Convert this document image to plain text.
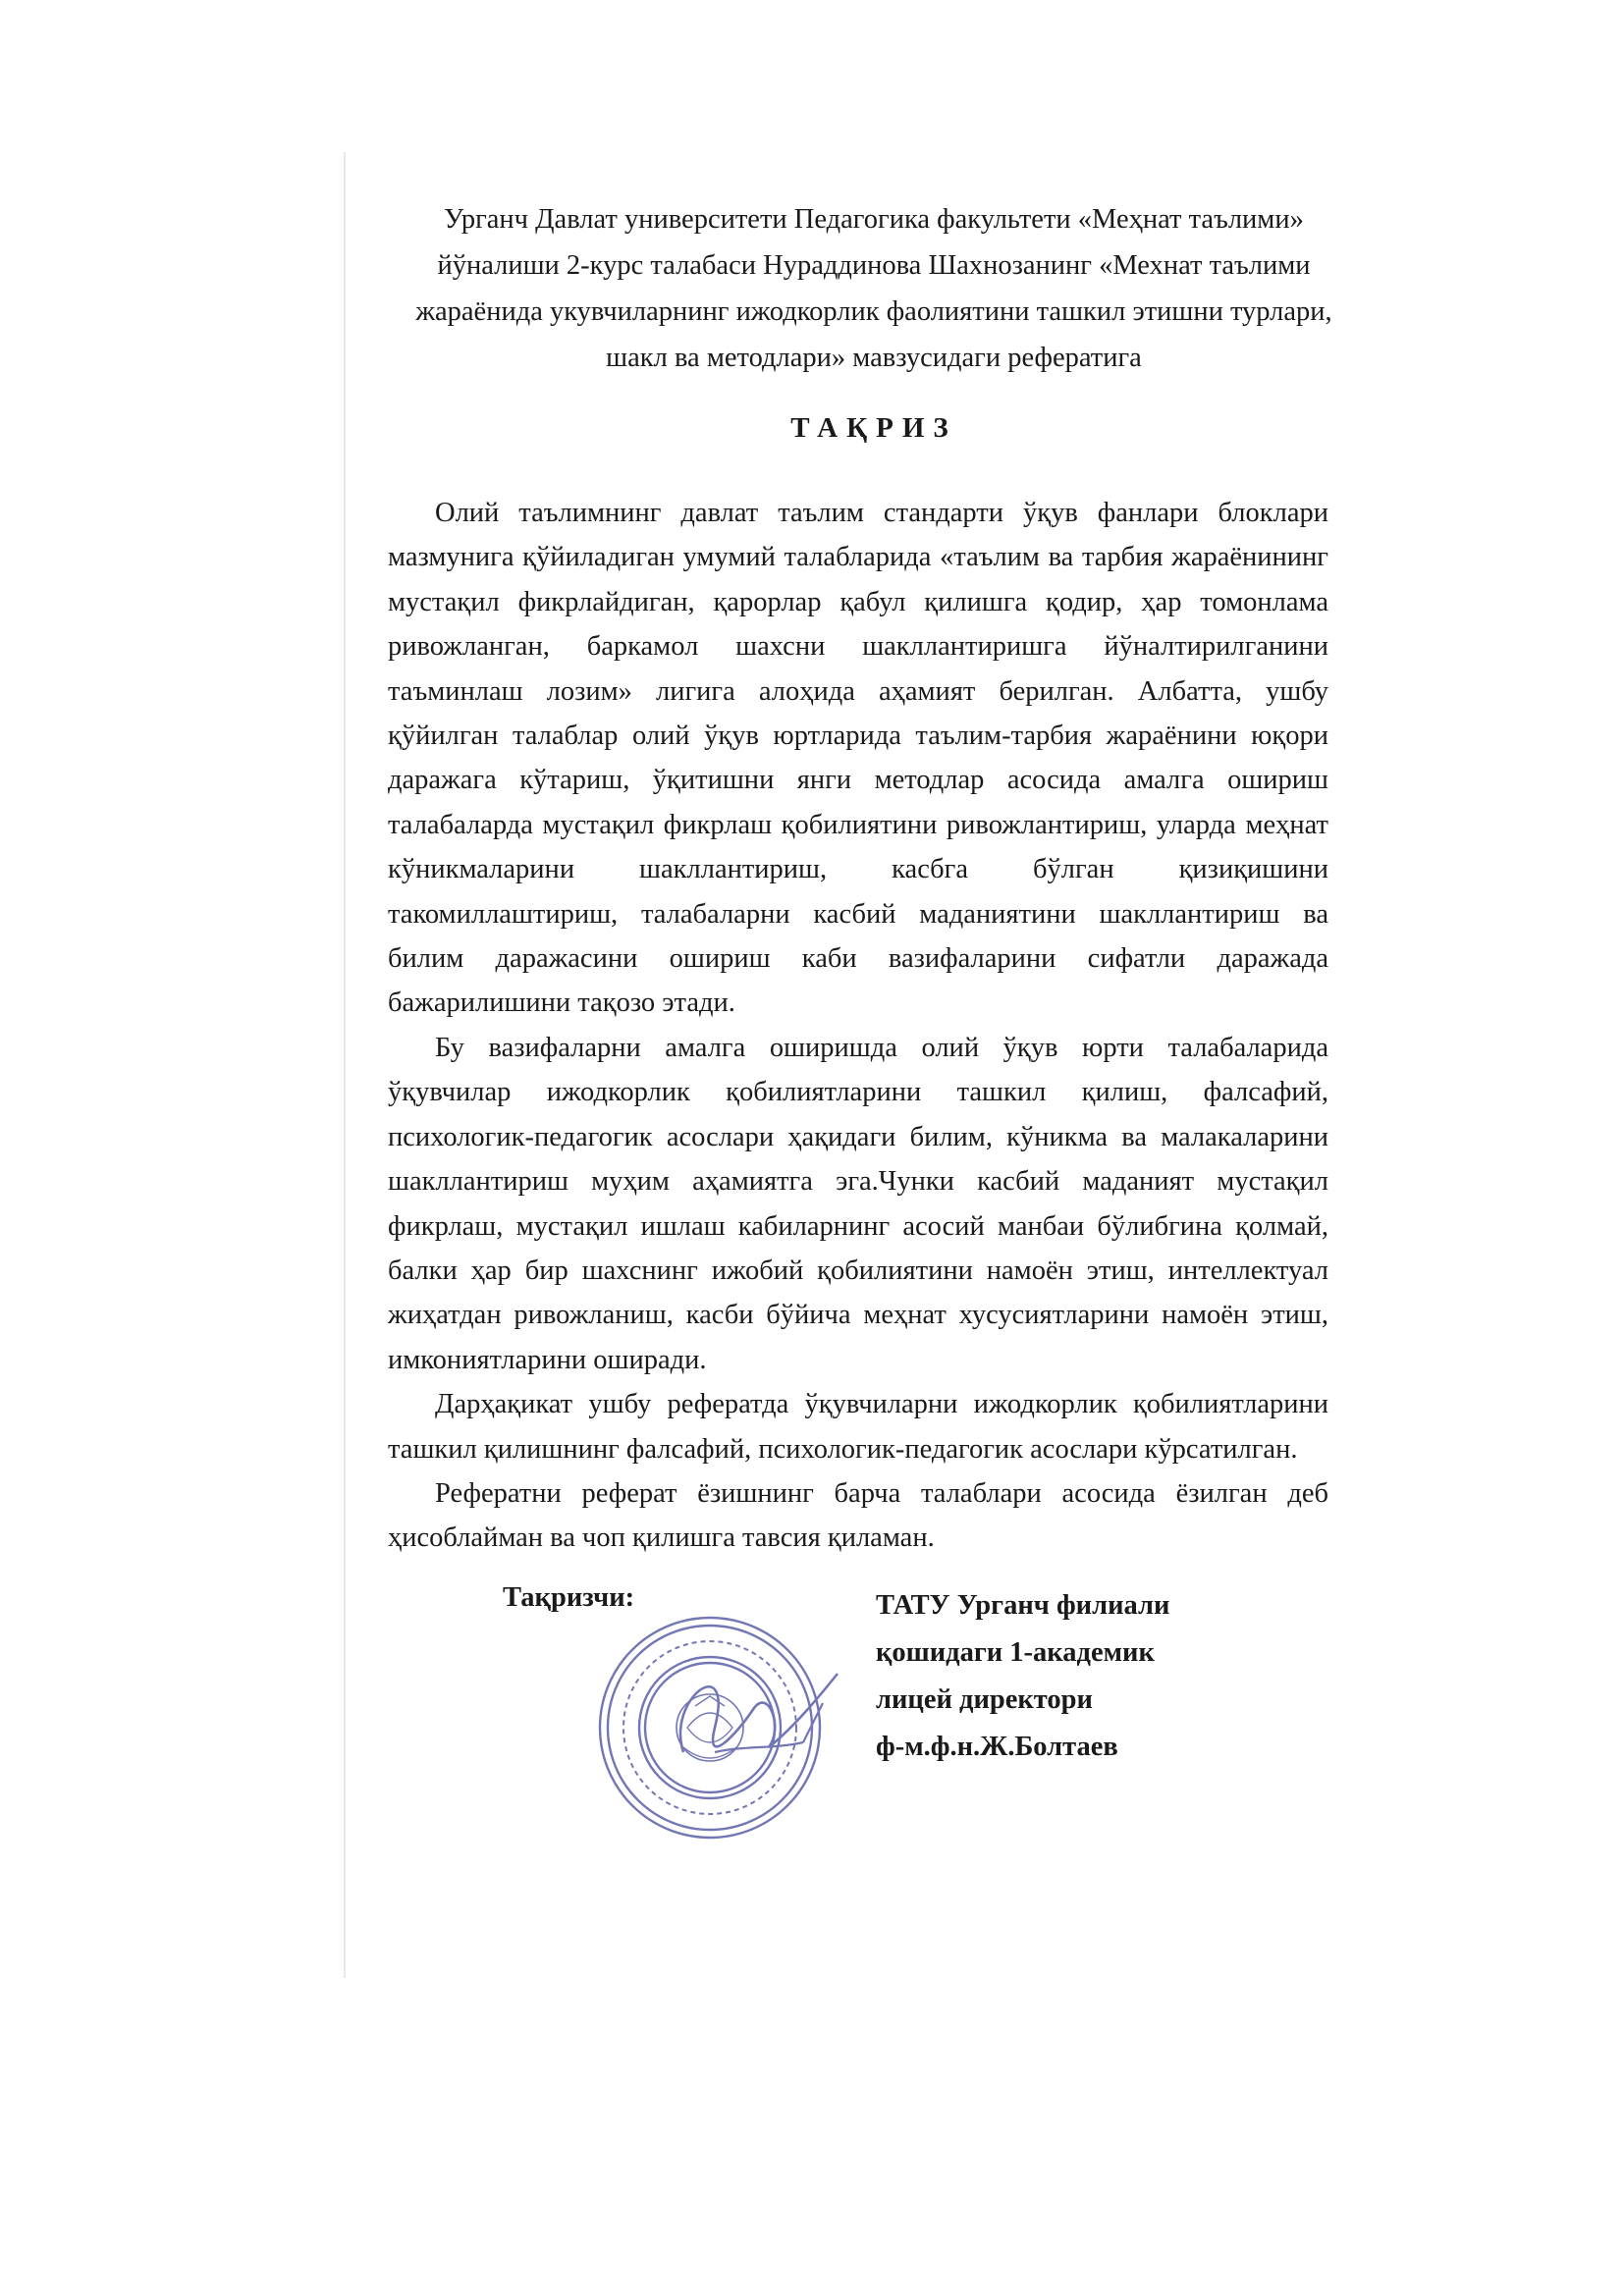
Урганч Давлат университети Педагогика факультети «Меҳнат таълими»
йўналиши 2-курс талабаси Нураддинова Шахнозанинг «Мехнат таълими
жараёнида укувчиларнинг ижодкорлик фаолиятини ташкил этишни турлари,
шакл ва методлари» мавзусидаги рефератига
ТАҚРИЗ

Олий таълимнинг давлат таълим стандарти ўқув фанлари блоклари мазмунига қўйиладиган умумий талабларида «таълим ва тарбия жараёнининг мустақил фикрлайдиган, қарорлар қабул қилишга қодир, ҳар томонлама ривожланган, баркамол шахсни шакллантиришга йўналтирилганини таъминлаш лозим» лигига алоҳида аҳамият берилган. Албатта, ушбу қўйилган талаблар олий ўқув юртларида таълим-тарбия жараёнини юқори даражага кўтариш, ўқитишни янги методлар асосида амалга ошириш талабаларда мустақил фикрлаш қобилиятини ривожлантириш, уларда меҳнат кўникмаларини шакллантириш, касбга бўлган қизиқишини такомиллаштириш, талабаларни касбий маданиятини шакллантириш ва билим даражасини ошириш каби вазифаларини сифатли даражада бажарилишини тақозо этади.

Бу вазифаларни амалга оширишда олий ўқув юрти талабаларида ўқувчилар ижодкорлик қобилиятларини ташкил қилиш, фалсафий, психологик-педагогик асослари ҳақидаги билим, кўникма ва малакаларини шакллантириш муҳим аҳамиятга эга.Чунки касбий маданият мустақил фикрлаш, мустақил ишлаш кабиларнинг асосий манбаи бўлибгина қолмай, балки ҳар бир шахснинг ижобий қобилиятини намоён этиш, интеллектуал жиҳатдан ривожланиш, касби бўйича меҳнат хусусиятларини намоён этиш, имкониятларини оширади.

Дарҳақикат ушбу рефератда ўқувчиларни ижодкорлик қобилиятларини ташкил қилишнинг фалсафий, психологик-педагогик асослари кўрсатилган.

Рефератни реферат ёзишнинг барча талаблари асосида ёзилган деб ҳисоблайман ва чоп қилишга тавсия қиламан.

Тақризчи:	ТАТУ Урганч филиали
қошидаги 1-академик
лицей директори
ф-м.ф.н.Ж.Болтаев
